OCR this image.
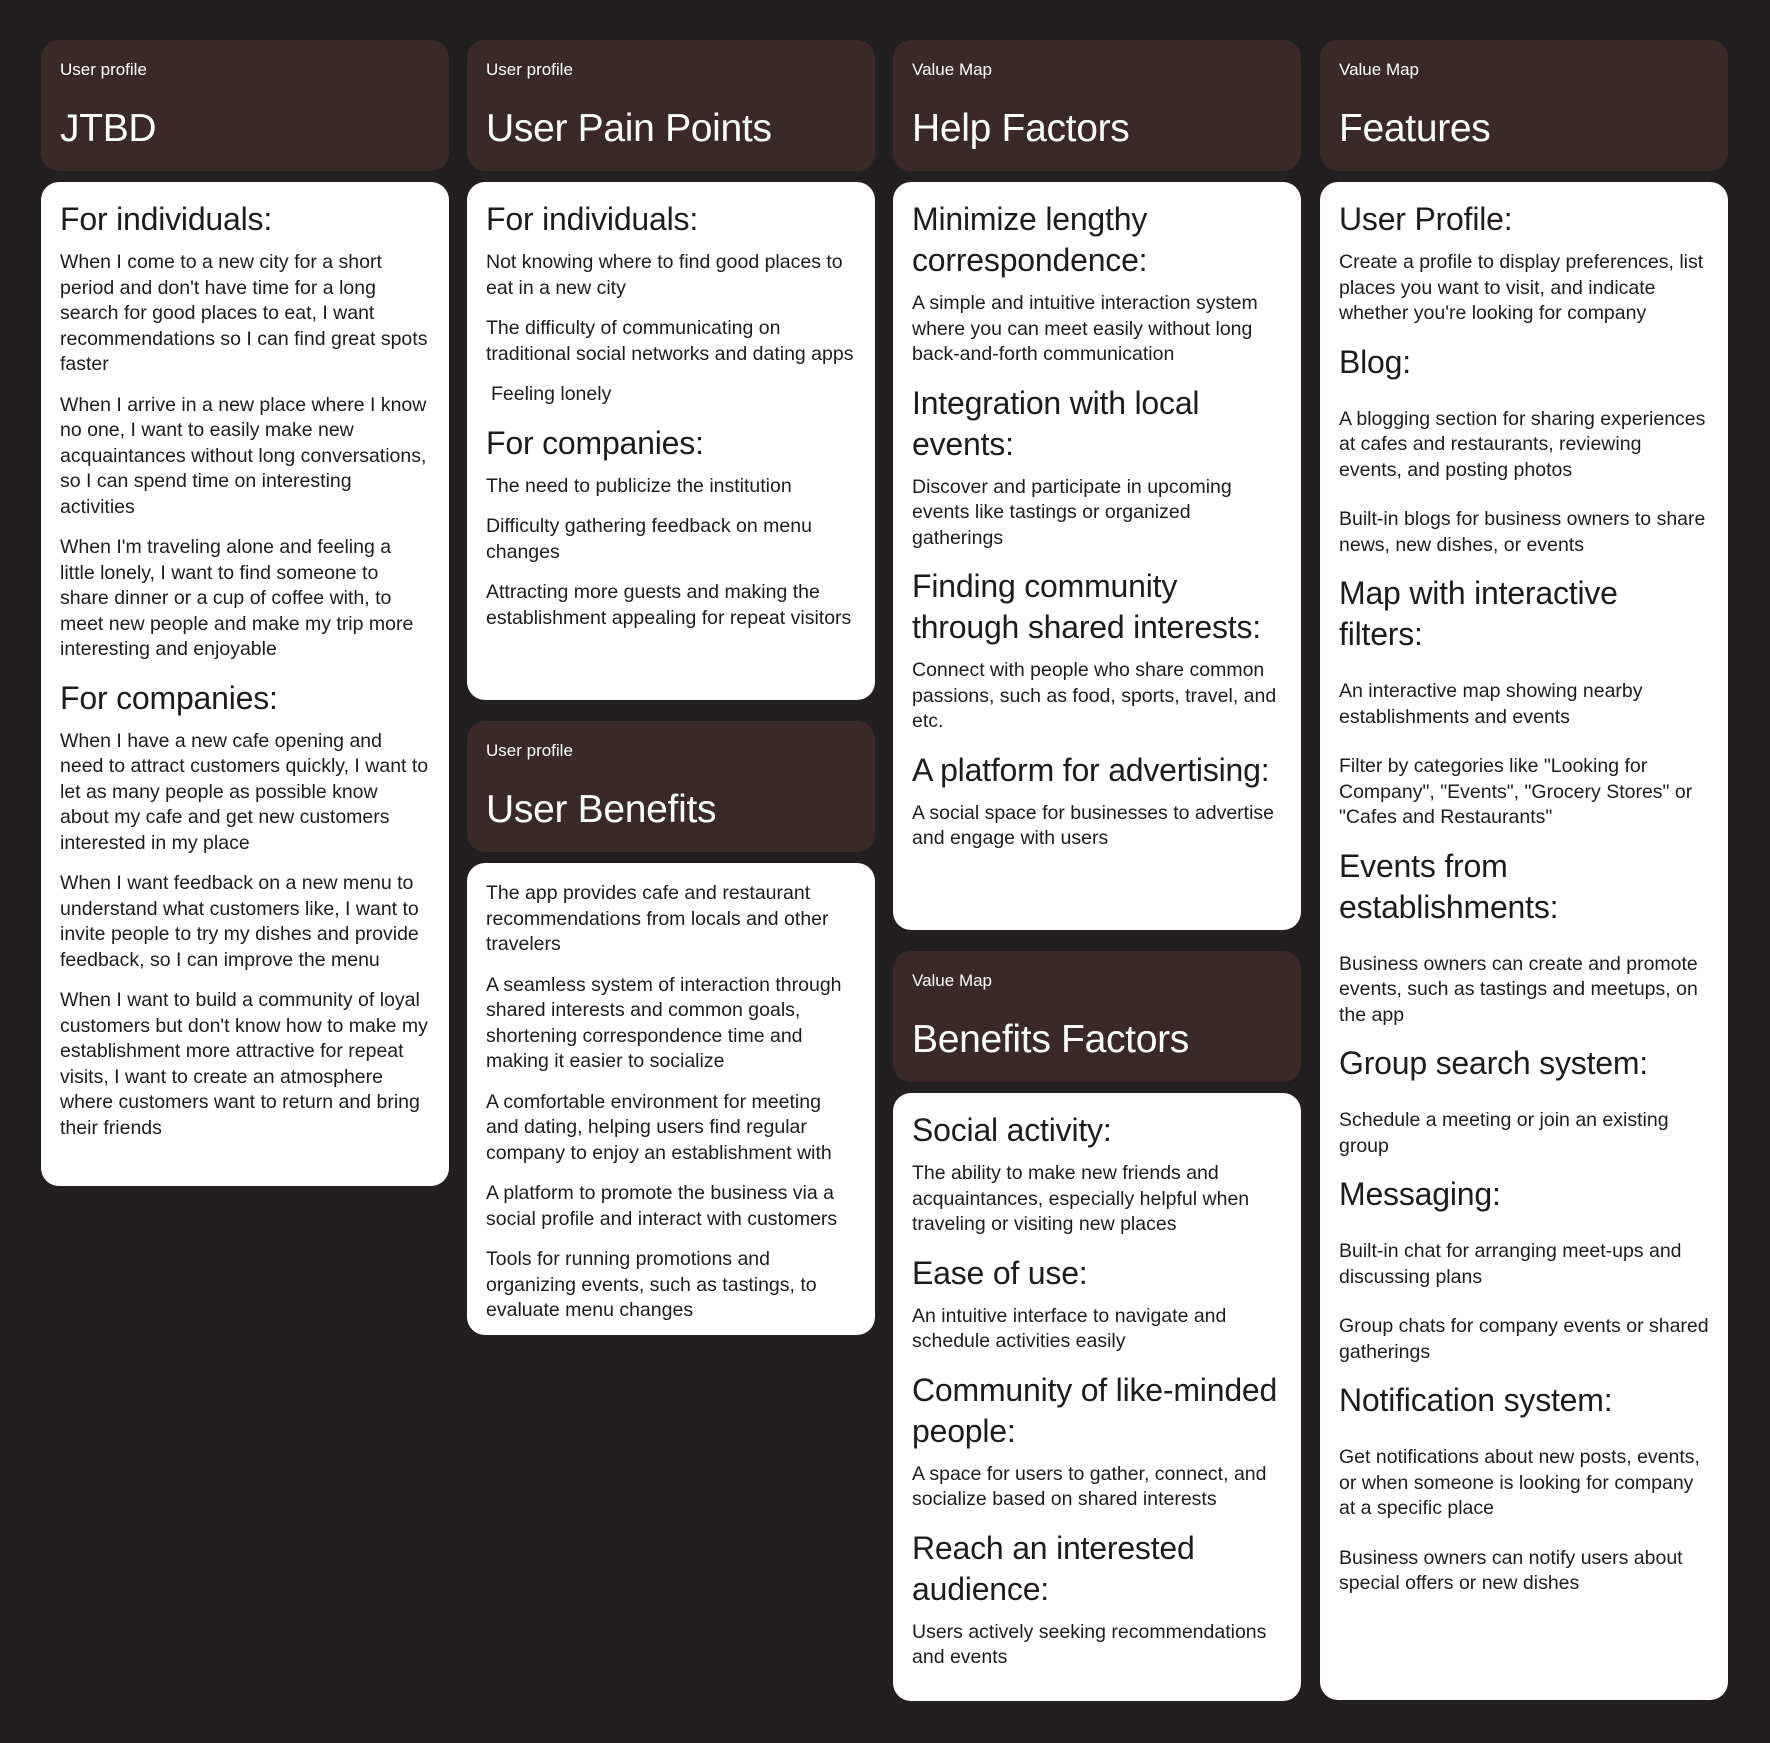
User profile
JTBD
For individuals:

When I come to a new city for a short period and don't have time for a long search for good places to eat, I want recommendations so I can find great spots faster

When I arrive in a new place where I know no one, I want to easily make new acquaintances without long conversations, so I can spend time on interesting activities

When I'm traveling alone and feeling a little lonely, I want to find someone to share dinner or a cup of coffee with, to meet new people and make my trip more interesting and enjoyable

For companies:

When I have a new cafe opening and need to attract customers quickly, I want to let as many people as possible know about my cafe and get new customers interested in my place

When I want feedback on a new menu to understand what customers like, I want to invite people to try my dishes and provide feedback, so I can improve the menu

When I want to build a community of loyal customers but don't know how to make my establishment more attractive for repeat visits, I want to create an atmosphere where customers want to return and bring their friends

User profile
User Pain Points
For individuals:

Not knowing where to find good places to eat in a new city

The difficulty of communicating on traditional social networks and dating apps

Feeling lonely

For companies:

The need to publicize the institution

Difficulty gathering feedback on menu changes

Attracting more guests and making the establishment appealing for repeat visitors

User profile
User Benefits

The app provides cafe and restaurant recommendations from locals and other travelers

A seamless system of interaction through shared interests and common goals, shortening correspondence time and making it easier to socialize

A comfortable environment for meeting and dating, helping users find regular company to enjoy an establishment with

A platform to promote the business via a social profile and interact with customers

Tools for running promotions and organizing events, such as tastings, to evaluate menu changes

Value Map
Help Factors
Minimize lengthy correspondence:

A simple and intuitive interaction system where you can meet easily without long back-and-forth communication

Integration with local events:

Discover and participate in upcoming events like tastings or organized gatherings

Finding community through shared interests:

Connect with people who share common passions, such as food, sports, travel, and etc.

A platform for advertising:

A social space for businesses to advertise and engage with users

Value Map
Benefits Factors
Social activity:

The ability to make new friends and acquaintances, especially helpful when traveling or visiting new places

Ease of use:

An intuitive interface to navigate and schedule activities easily

Community of like-minded people:

A space for users to gather, connect, and socialize based on shared interests

Reach an interested audience:

Users actively seeking recommendations and events

Value Map
Features
User Profile:

Create a profile to display preferences, list places you want to visit, and indicate whether you're looking for company

Blog:

A blogging section for sharing experiences at cafes and restaurants, reviewing events, and posting photos

Built-in blogs for business owners to share news, new dishes, or events

Map with interactive filters:

An interactive map showing nearby establishments and events

Filter by categories like "Looking for Company", "Events", "Grocery Stores" or "Cafes and Restaurants"

Events from establishments:

Business owners can create and promote events, such as tastings and meetups, on the app

Group search system:

Schedule a meeting or join an existing group

Messaging:

Built-in chat for arranging meet-ups and discussing plans

Group chats for company events or shared gatherings

Notification system:

Get notifications about new posts, events, or when someone is looking for company at a specific place

Business owners can notify users about special offers or new dishes
